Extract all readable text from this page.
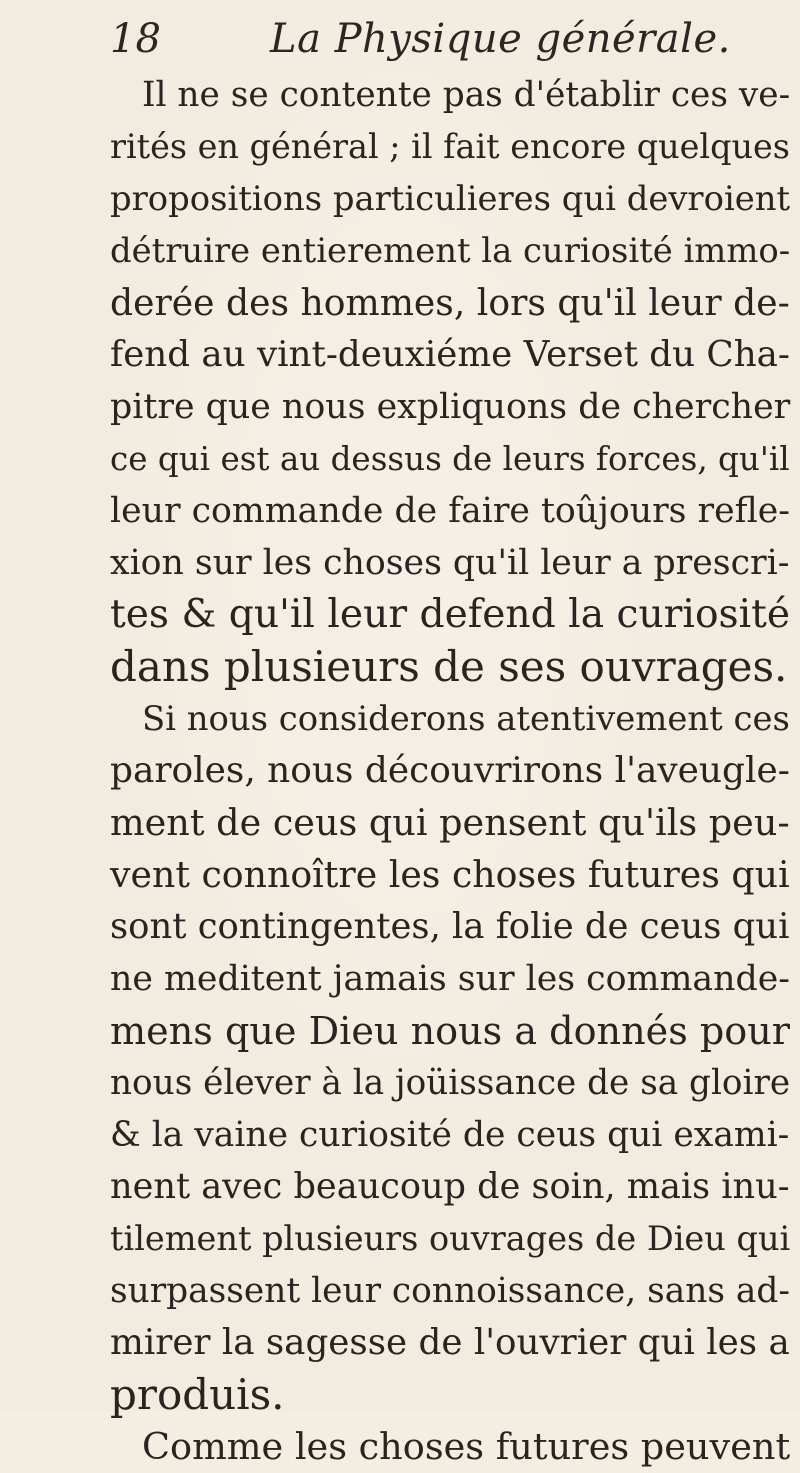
18	La Physique générale.
Il ne se contente pas d'établir ces ve-
rités en général ; il fait encore quelques
propositions particulieres qui devroient
détruire entierement la curiosité immo-
derée des hommes, lors qu'il leur de-
fend au vint-deuxiéme Verset du Cha-
pitre que nous expliquons de chercher
ce qui est au dessus de leurs forces, qu'il
leur commande de faire toûjours refle-
xion sur les choses qu'il leur a prescri-
tes & qu'il leur defend la curiosité
dans plusieurs de ses ouvrages.
Si nous considerons atentivement ces
paroles, nous découvrirons l'aveugle-
ment de ceus qui pensent qu'ils peu-
vent connoître les choses futures qui
sont contingentes, la folie de ceus qui
ne meditent jamais sur les commande-
mens que Dieu nous a donnés pour
nous élever à la joüissance de sa gloire
& la vaine curiosité de ceus qui exami-
nent avec beaucoup de soin, mais inu-
tilement plusieurs ouvrages de Dieu qui
surpassent leur connoissance, sans ad-
mirer la sagesse de l'ouvrier qui les a
produis.
Comme les choses futures peuvent
